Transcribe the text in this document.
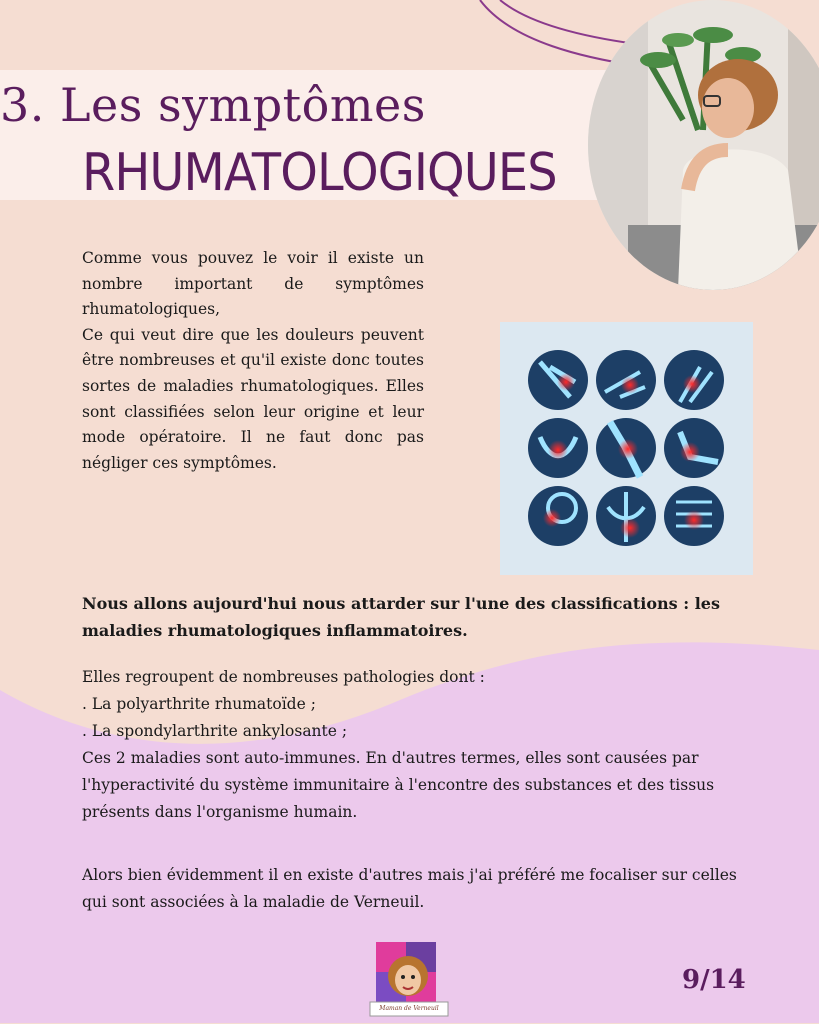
3. Les symptômes
RHUMATOLOGIQUES

Comme vous pouvez le voir il existe un nombre important de symptômes rhumatologiques,

Ce qui veut dire que les douleurs peuvent être nombreuses et qu'il existe donc toutes sortes de maladies rhumatologiques. Elles sont classifiées selon leur origine et leur mode opératoire. Il ne faut donc pas négliger ces symptômes.

Nous allons aujourd'hui nous attarder sur l'une des classifications : les maladies rhumatologiques inflammatoires.

Elles regroupent de nombreuses pathologies dont :
. La polyarthrite rhumatoïde ;
. La spondylarthrite ankylosante ;
Ces 2 maladies sont auto-immunes. En d'autres termes, elles sont causées par l'hyperactivité du système immunitaire à l'encontre des substances et des tissus présents dans l'organisme humain.

Alors bien évidemment il en existe d'autres mais j'ai préféré me focaliser sur celles qui sont associées à la maladie de Verneuil.

Maman de Verneuil
9/14
